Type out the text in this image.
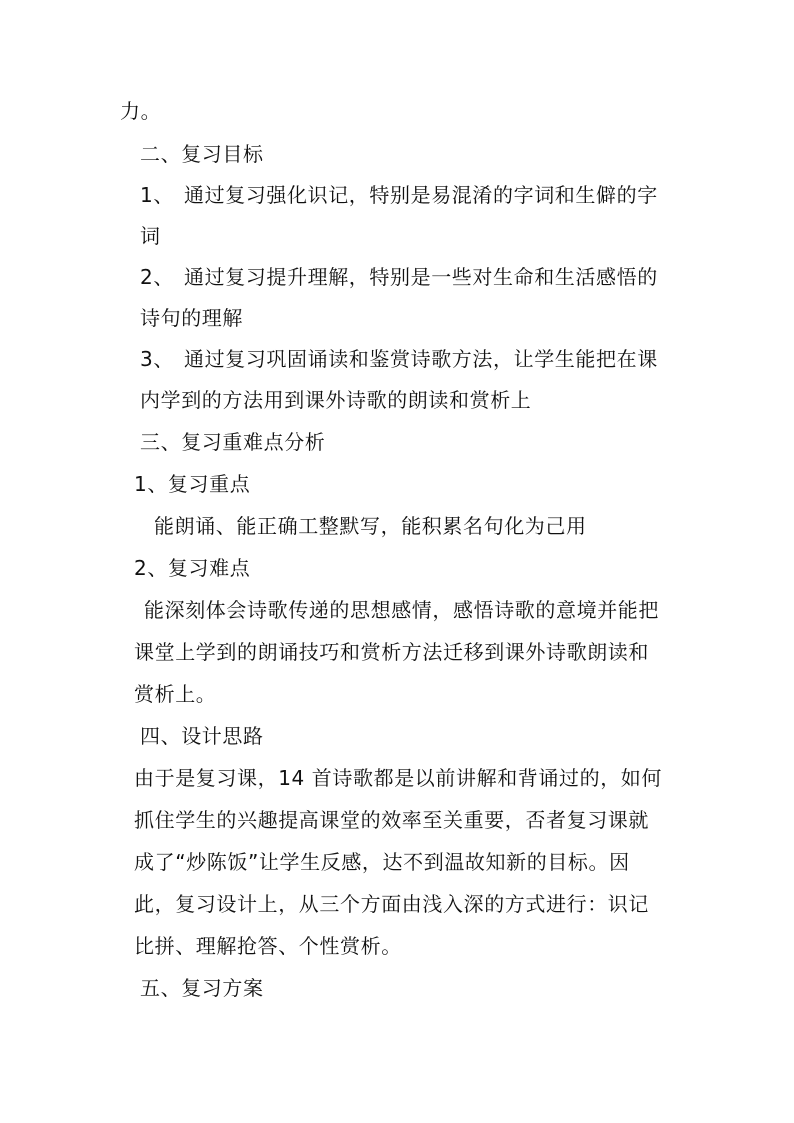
力。
二、复习目标
1、 通过复习强化识记，特别是易混淆的字词和生僻的字
词
2、 通过复习提升理解，特别是一些对生命和生活感悟的
诗句的理解
3、 通过复习巩固诵读和鉴赏诗歌方法，让学生能把在课
内学到的方法用到课外诗歌的朗读和赏析上
三、复习重难点分析
1、复习重点
能朗诵、能正确工整默写，能积累名句化为己用
2、复习难点
能深刻体会诗歌传递的思想感情，感悟诗歌的意境并能把
课堂上学到的朗诵技巧和赏析方法迁移到课外诗歌朗读和
赏析上。
四、设计思路
由于是复习课，14 首诗歌都是以前讲解和背诵过的，如何
抓住学生的兴趣提高课堂的效率至关重要，否者复习课就
成了“炒陈饭”让学生反感，达不到温故知新的目标。因
此，复习设计上，从三个方面由浅入深的方式进行：识记
比拼、理解抢答、个性赏析。
五、复习方案
